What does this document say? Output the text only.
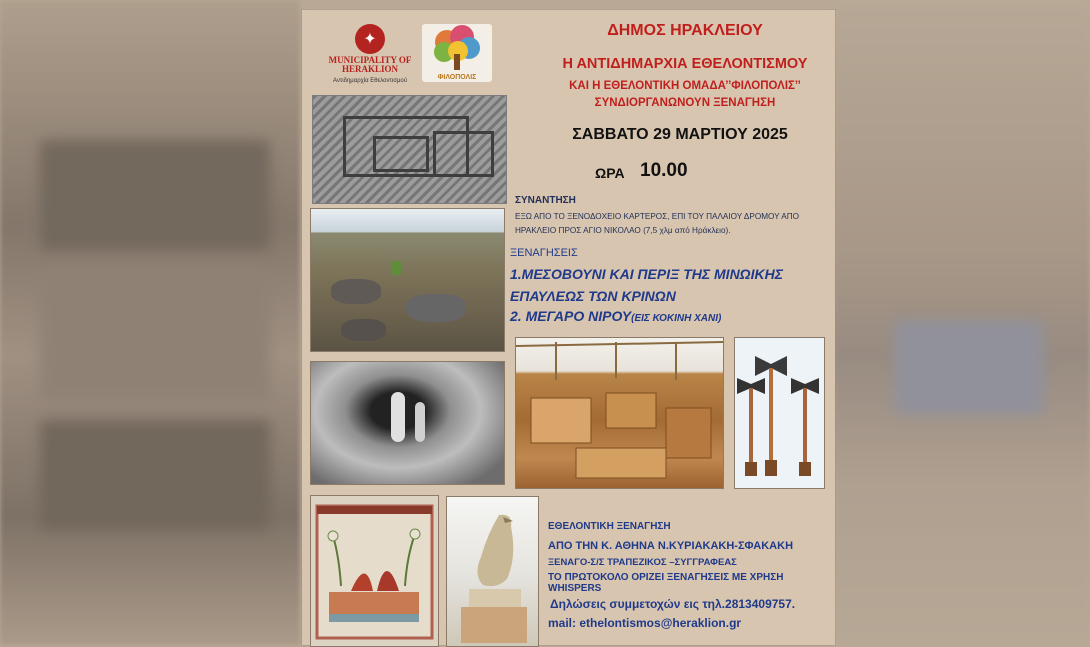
✦
MUNICIPALITY OF HERAKLION
Αντιδημαρχία Εθελοντισμού	ΦΙΛΟΠΟΛΙΣ
ΔΗΜΟΣ ΗΡΑΚΛΕΙΟΥ
Η ΑΝΤΙΔΗΜΑΡΧΙΑ ΕΘΕΛΟΝΤΙΣΜΟΥ
ΚΑΙ Η ΕΘΕΛΟΝΤΙΚΗ ΟΜΑΔΑ’’ΦΙΛΟΠΟΛΙΣ’’
ΣΥΝΔΙΟΡΓΑΝΩΝΟΥΝ ΞΕΝΑΓΗΣΗ
ΣΑΒΒΑΤΟ 29 ΜΑΡΤΙΟΥ 2025
ΩΡΑ 10.00
ΣΥΝΑΝΤΗΣΗ
ΕΞΩ ΑΠΟ ΤΟ ΞΕΝΟΔΟΧΕΙΟ ΚΑΡΤΕΡΟΣ, ΕΠΙ ΤΟΥ ΠΑΛΑΙΟΥ ΔΡΟΜΟΥ ΑΠΟ ΗΡΑΚΛΕΙΟ ΠΡΟΣ ΑΓΙΟ ΝΙΚΟΛΑΟ (7,5 χλμ από Ηράκλειο).
ΞΕΝΑΓΗΣΕΙΣ
1.ΜΕΣΟΒΟΥΝΙ ΚΑΙ ΠΕΡΙΞ ΤΗΣ ΜΙΝΩΙΚΗΣ
ΕΠΑΥΛΕΩΣ ΤΩΝ ΚΡΙΝΩΝ
2. ΜΕΓΑΡΟ ΝΙΡΟΥ(ΕΙΣ ΚΟΚΙΝΗ ΧΑΝΙ)
ΕΘΕΛΟΝΤΙΚΗ ΞΕΝΑΓΗΣΗ
ΑΠΟ ΤΗΝ Κ. ΑΘΗΝΑ Ν.ΚΥΡΙΑΚΑΚΗ-ΣΦΑΚΑΚΗ
ΞΕΝΑΓΟ-Σ/Σ ΤΡΑΠΕΖΙΚΟΣ –ΣΥΓΓΡΑΦΕΑΣ
ΤΟ ΠΡΩΤΟΚΟΛΟ ΟΡΙΖΕΙ ΞΕΝΑΓΗΣΕΙΣ ΜΕ ΧΡΗΣΗ WHISPERS
Δηλώσεις συμμετοχών εις τηλ.2813409757.
mail: ethelontismos@heraklion.gr
